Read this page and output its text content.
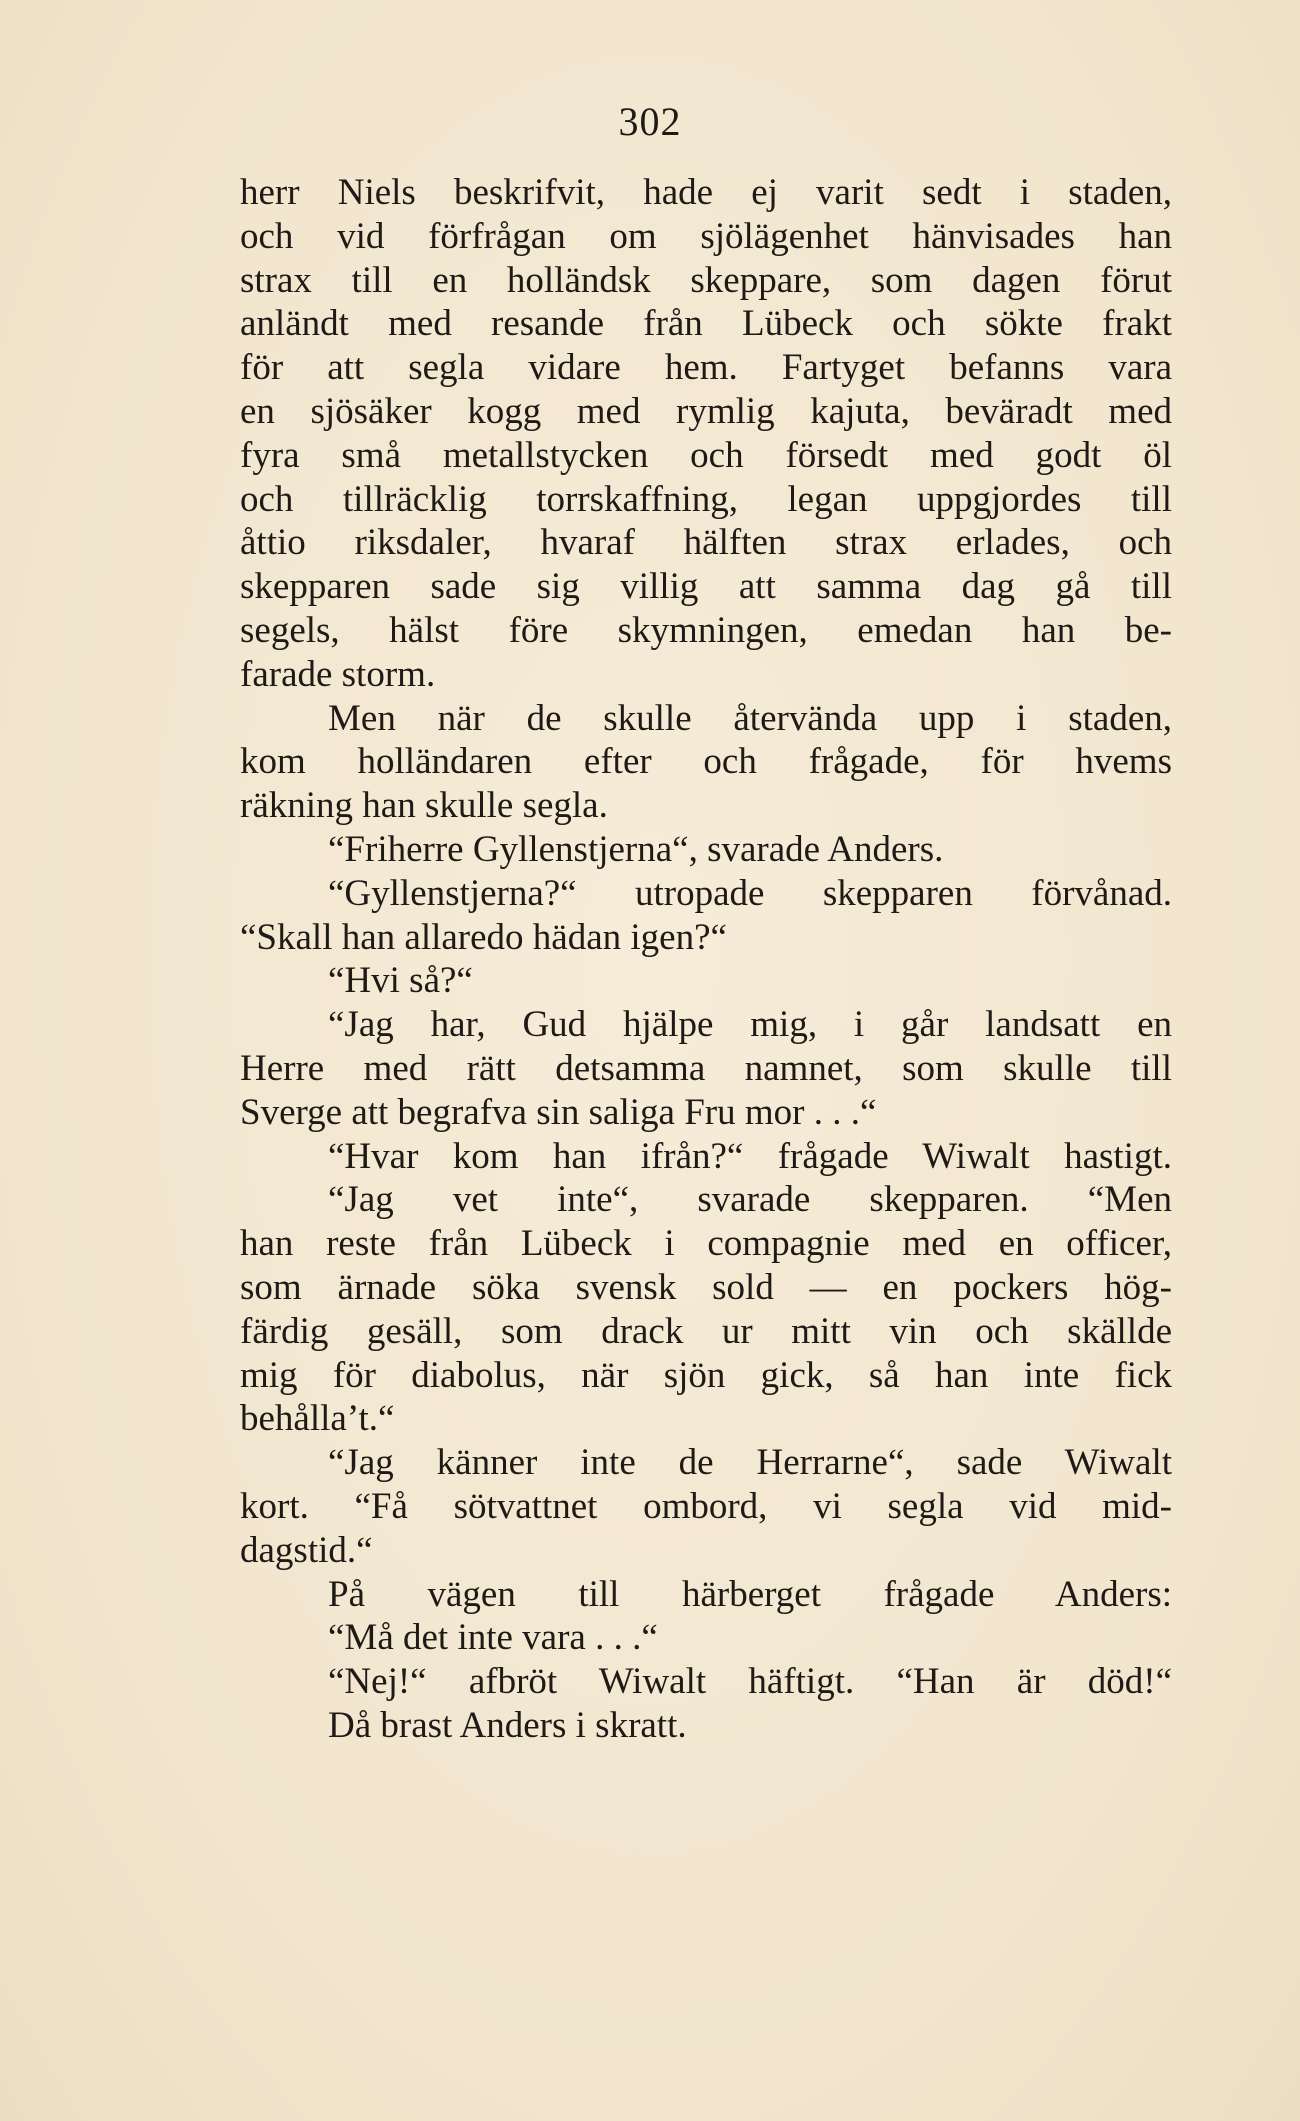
302
herr Niels beskrifvit, hade ej varit sedt i staden,
och vid förfrågan om sjölägenhet hänvisades han
strax till en holländsk skeppare, som dagen förut
anländt med resande från Lübeck och sökte frakt
för att segla vidare hem. Fartyget befanns vara
en sjösäker kogg med rymlig kajuta, beväradt med
fyra små metallstycken och försedt med godt öl
och tillräcklig torrskaffning, legan uppgjordes till
åttio riksdaler, hvaraf hälften strax erlades, och
skepparen sade sig villig att samma dag gå till
segels, hälst före skymningen, emedan han be-
farade storm.
Men när de skulle återvända upp i staden,
kom holländaren efter och frågade, för hvems
räkning han skulle segla.
“Friherre Gyllenstjerna“, svarade Anders.
“Gyllenstjerna?“ utropade skepparen förvånad.
“Skall han allaredo hädan igen?“
“Hvi så?“
“Jag har, Gud hjälpe mig, i går landsatt en
Herre med rätt detsamma namnet, som skulle till
Sverge att begrafva sin saliga Fru mor . . .“
“Hvar kom han ifrån?“ frågade Wiwalt hastigt.
“Jag vet inte“, svarade skepparen. “Men
han reste från Lübeck i compagnie med en officer,
som ärnade söka svensk sold — en pockers hög-
färdig gesäll, som drack ur mitt vin och skällde
mig för diabolus, när sjön gick, så han inte fick
behålla’t.“
“Jag känner inte de Herrarne“, sade Wiwalt
kort. “Få sötvattnet ombord, vi segla vid mid-
dagstid.“
På vägen till härberget frågade Anders:
“Må det inte vara . . .“
“Nej!“ afbröt Wiwalt häftigt. “Han är död!“
Då brast Anders i skratt.
